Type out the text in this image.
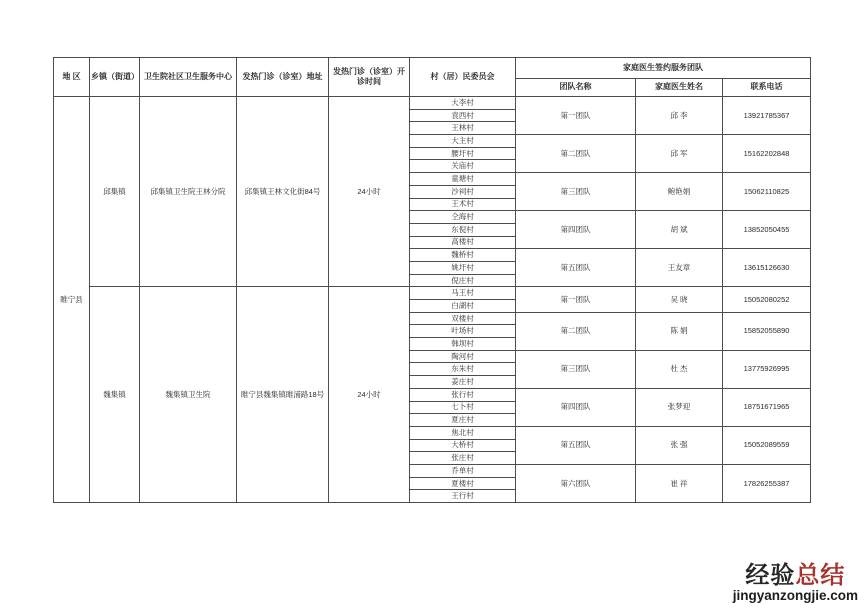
地 区	乡镇（街道）	卫生院社区卫生服务中心	发热门诊（诊室）地址	发热门诊（诊室）开诊时间	村（居）民委员会	家庭医生签约服务团队		
						团队名称	家庭医生姓名	联系电话
睢宁县	邱集镇	邱集镇卫生院王林分院	邱集镇王林文化街84号	24小时	大李村	第一团队	邱 李	13921785367
					袁西村			
					王林村			
					大主村	第二团队	邱 军	15162202848
					腰圩村			
					关庙村			
					童塘村	第三团队	鲍艳娟	15062110825
					沙祠村			
					王术村			
					仝海村	第四团队	胡 斌	13852050455
					东倪村			
					高楼村			
					魏桥村	第五团队	王友章	13615126630
					姚圩村			
					倪庄村			
	魏集镇	魏集镇卫生院	睢宁县魏集镇睢浦路18号	24小时	马王村	第一团队	吴 晓	15052080252
					白湖村			
					双楼村	第二团队	陈 娟	15852055890
					叶场村			
					韩坝村			
					陶河村	第三团队	杜 杰	13775926995
					东朱村			
					姜庄村			
					张行村	第四团队	张梦迎	18751671965
					七卜村			
					夏庄村			
					焦北村	第五团队	张 强	15052089559
					大桥村			
					张庄村			
					乔单村	第六团队	崔 祥	17826255387
					夏楼村			
					王行村			
经验总结
jingyanzongjie.com
